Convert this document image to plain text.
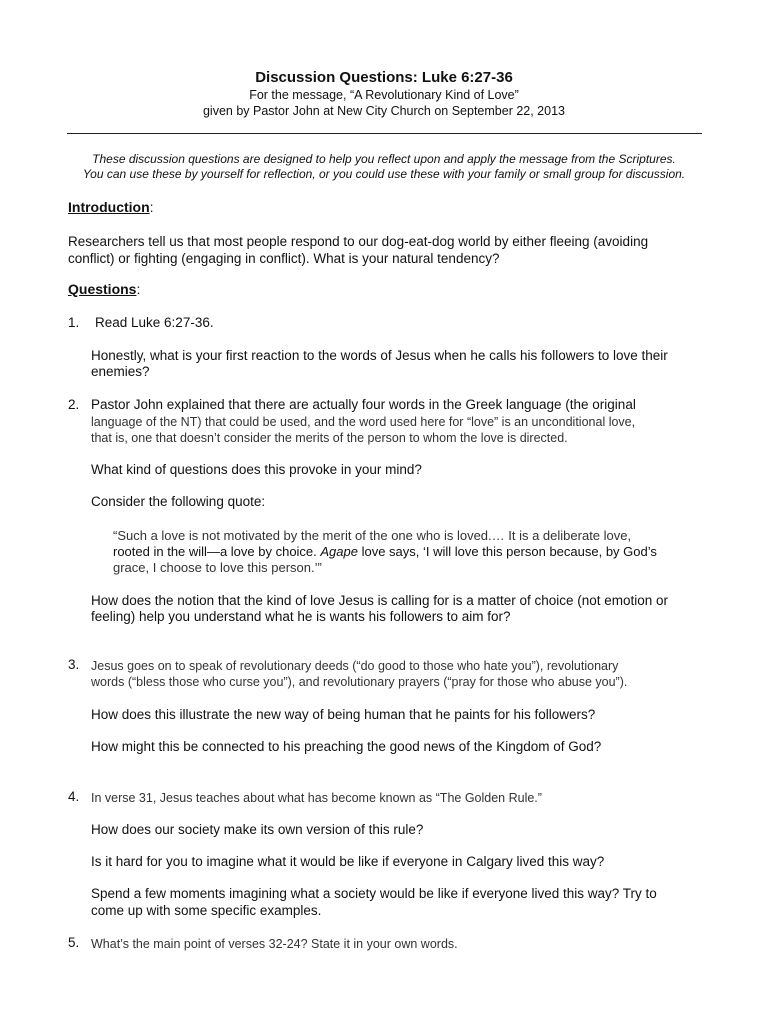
Discussion Questions: Luke 6:27-36
For the message, “A Revolutionary Kind of Love”
given by Pastor John at New City Church on September 22, 2013
These discussion questions are designed to help you reflect upon and apply the message from the Scriptures.
You can use these by yourself for reflection, or you could use these with your family or small group for discussion.
Introduction:
Researchers tell us that most people respond to our dog-eat-dog world by either fleeing (avoiding
conflict) or fighting (engaging in conflict). What is your natural tendency?
Questions:
1. Read Luke 6:27-36.
Honestly, what is your first reaction to the words of Jesus when he calls his followers to love their
enemies?
2. Pastor John explained that there are actually four words in the Greek language (the original
language of the NT) that could be used, and the word used here for “love” is an unconditional love,
that is, one that doesn’t consider the merits of the person to whom the love is directed.
What kind of questions does this provoke in your mind?
Consider the following quote:
“Such a love is not motivated by the merit of the one who is loved.… It is a deliberate love,
rooted in the will—a love by choice. Agape love says, ‘I will love this person because, by God’s
grace, I choose to love this person.’”
How does the notion that the kind of love Jesus is calling for is a matter of choice (not emotion or
feeling) help you understand what he is wants his followers to aim for?
3. Jesus goes on to speak of revolutionary deeds (“do good to those who hate you”), revolutionary
words (“bless those who curse you”), and revolutionary prayers (“pray for those who abuse you”).
How does this illustrate the new way of being human that he paints for his followers?
How might this be connected to his preaching the good news of the Kingdom of God?
4. In verse 31, Jesus teaches about what has become known as “The Golden Rule.”
How does our society make its own version of this rule?
Is it hard for you to imagine what it would be like if everyone in Calgary lived this way?
Spend a few moments imagining what a society would be like if everyone lived this way? Try to
come up with some specific examples.
5. What’s the main point of verses 32-24? State it in your own words.
